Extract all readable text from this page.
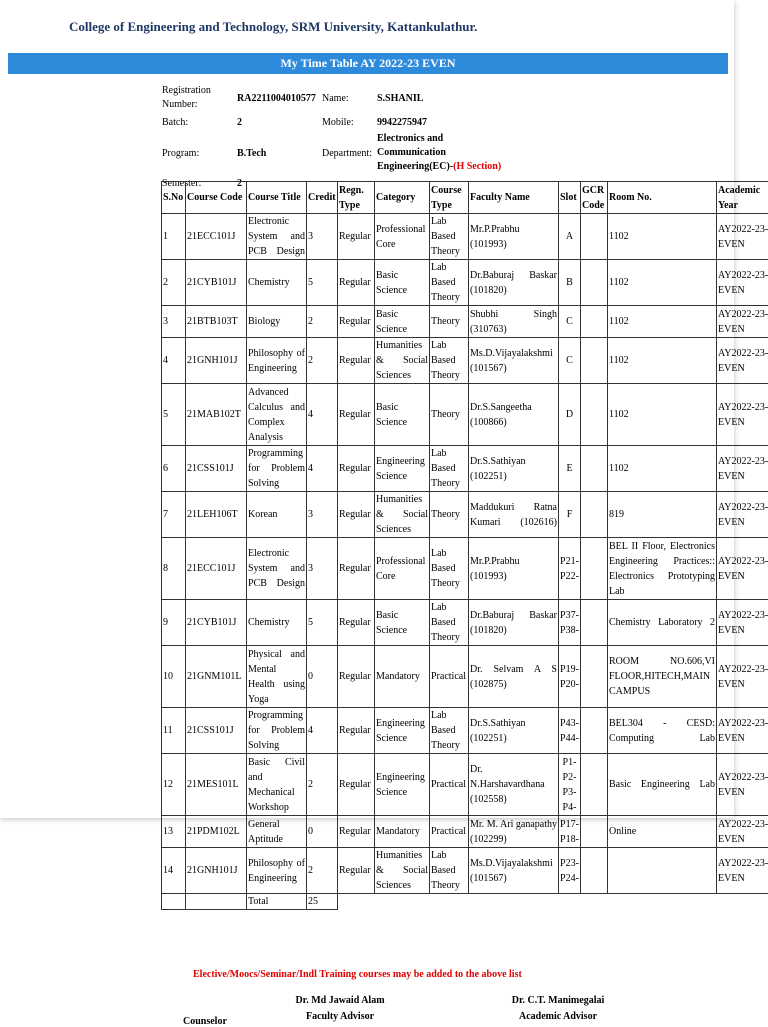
College of Engineering and Technology, SRM University, Kattankulathur.
My Time Table AY 2022-23 EVEN
Registration Number:	RA2211004010577	Name:	S.SHANIL
Batch:	2	Mobile:	9942275947
Program:	B.Tech	Department:	Electronics and Communication Engineering(EC)-(H Section)
Semester:	2		
S.No	Course Code	Course Title	Credit	Regn. Type	Category	Course Type	Faculty Name	Slot	GCR Code	Room No.	Academic Year
1	21ECC101J	Electronic System and PCB Design	3	Regular	Professional Core	Lab Based Theory	Mr.P.Prabhu (101993)	A		1102	AY2022-23-EVEN
2	21CYB101J	Chemistry	5	Regular	Basic Science	Lab Based Theory	Dr.Baburaj Baskar (101820)	B		1102	AY2022-23-EVEN
3	21BTB103T	Biology	2	Regular	Basic Science	Theory	Shubhi Singh (310763)	C		1102	AY2022-23-EVEN
4	21GNH101J	Philosophy of Engineering	2	Regular	Humanities & Social Sciences	Lab Based Theory	Ms.D.Vijayalakshmi (101567)	C		1102	AY2022-23-EVEN
5	21MAB102T	Advanced Calculus and Complex Analysis	4	Regular	Basic Science	Theory	Dr.S.Sangeetha (100866)	D		1102	AY2022-23-EVEN
6	21CSS101J	Programming for Problem Solving	4	Regular	Engineering Science	Lab Based Theory	Dr.S.Sathiyan (102251)	E		1102	AY2022-23-EVEN
7	21LEH106T	Korean	3	Regular	Humanities & Social Sciences	Theory	Maddukuri Ratna Kumari (102616)	F		819	AY2022-23-EVEN
8	21ECC101J	Electronic System and PCB Design	3	Regular	Professional Core	Lab Based Theory	Mr.P.Prabhu (101993)	P21- P22-		BEL II Floor, Electronics Engineering Practices:: Electronics Prototyping Lab	AY2022-23-EVEN
9	21CYB101J	Chemistry	5	Regular	Basic Science	Lab Based Theory	Dr.Baburaj Baskar (101820)	P37- P38-		Chemistry Laboratory 2	AY2022-23-EVEN
10	21GNM101L	Physical and Mental Health using Yoga	0	Regular	Mandatory	Practical	Dr. Selvam A S (102875)	P19- P20-		ROOM NO.606,VI FLOOR,HITECH,MAIN CAMPUS	AY2022-23-EVEN
11	21CSS101J	Programming for Problem Solving	4	Regular	Engineering Science	Lab Based Theory	Dr.S.Sathiyan (102251)	P43- P44-		BEL304 - CESD: Computing Lab	AY2022-23-EVEN
12	21MES101L	Basic Civil and Mechanical Workshop	2	Regular	Engineering Science	Practical	Dr. N.Harshavardhana (102558)	P1- P2- P3- P4-		Basic Engineering Lab	AY2022-23-EVEN
13	21PDM102L	General Aptitude	0	Regular	Mandatory	Practical	Mr. M. Ari ganapathy (102299)	P17- P18-		Online	AY2022-23-EVEN
14	21GNH101J	Philosophy of Engineering	2	Regular	Humanities & Social Sciences	Lab Based Theory	Ms.D.Vijayalakshmi (101567)	P23- P24-			AY2022-23-EVEN
		Total	25								
Elective/Moocs/Seminar/Indl Training courses may be added to the above list
Dr. Md Jawaid Alam
Faculty Advisor
Dr. C.T. Manimegalai
Academic Advisor
Counselor
